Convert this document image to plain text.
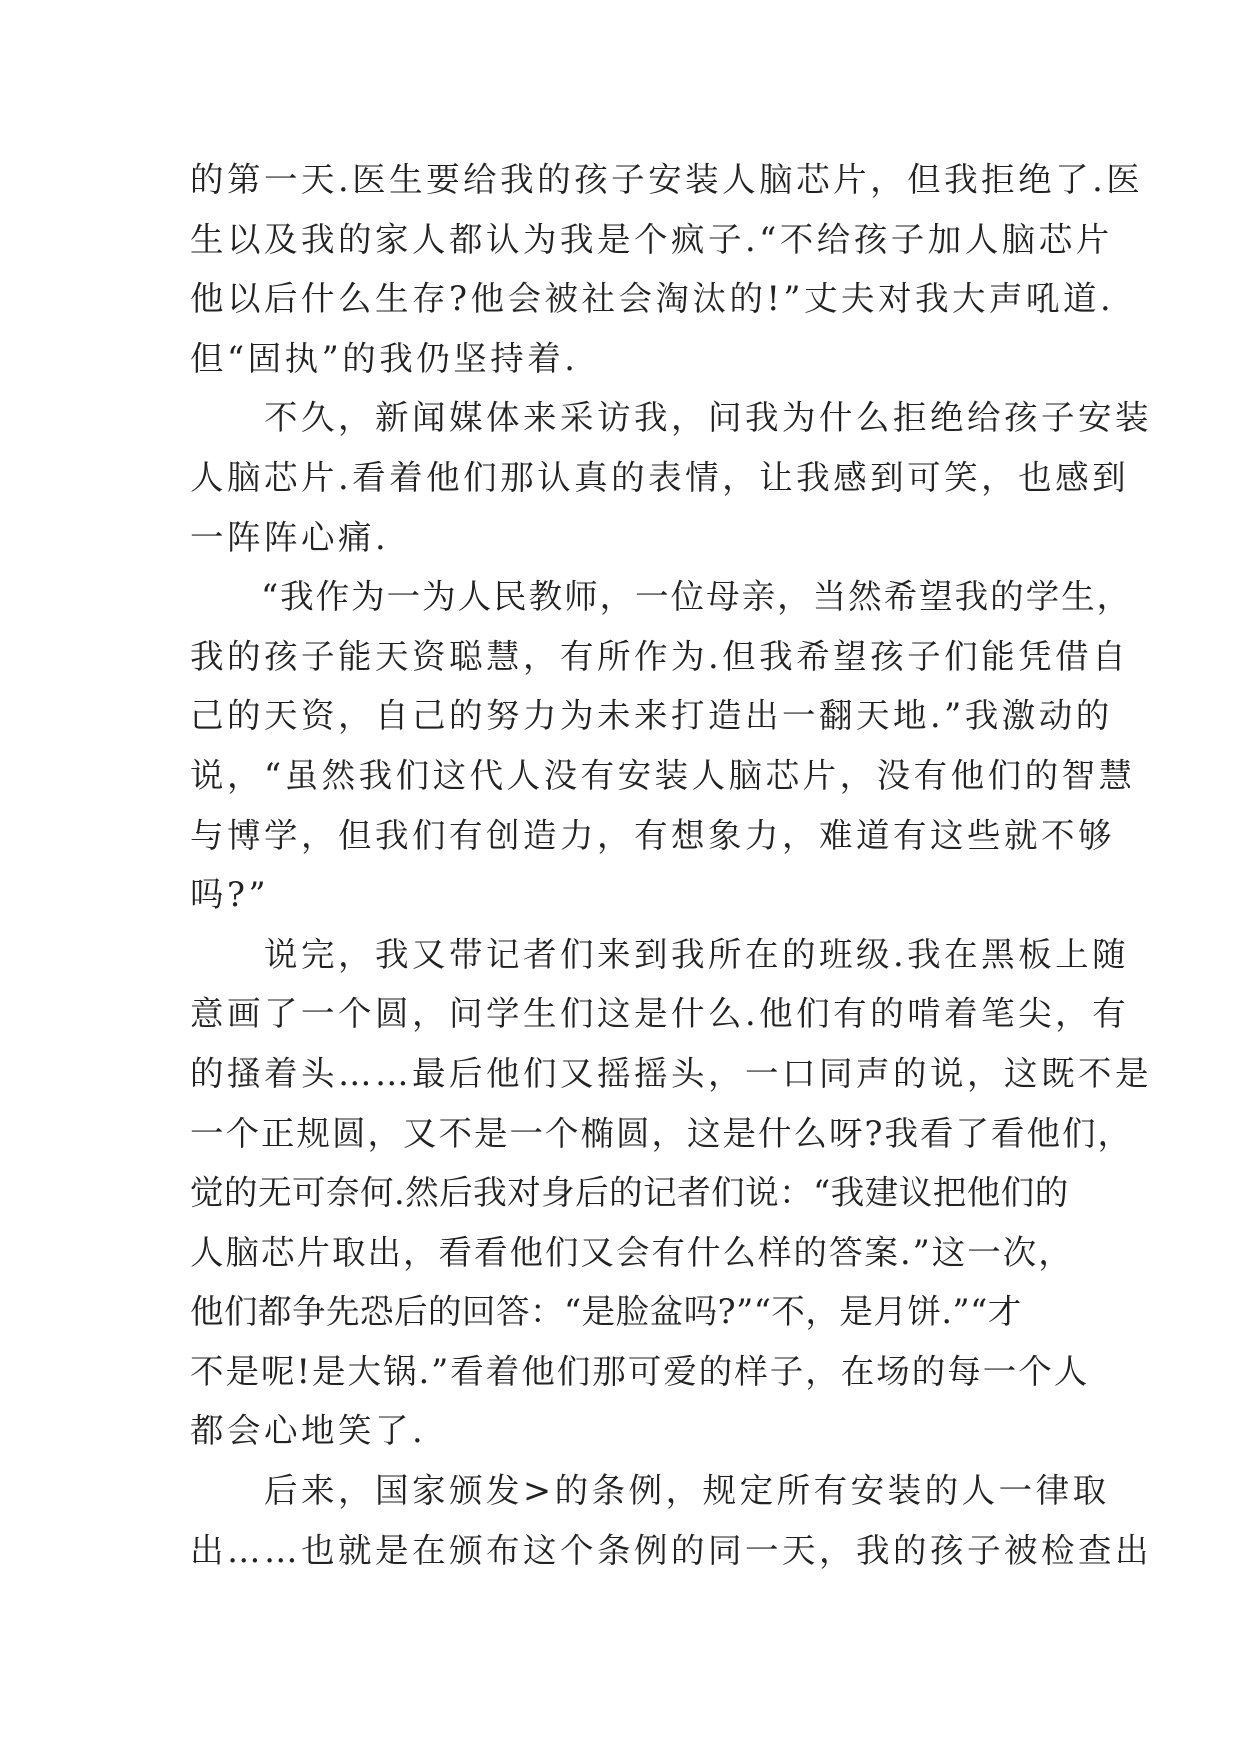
的第一天.医生要给我的孩子安装人脑芯片，但我拒绝了.医
生以及我的家人都认为我是个疯子.“不给孩子加人脑芯片
他以后什么生存?他会被社会淘汰的!”丈夫对我大声吼道.
但“固执”的我仍坚持着.
　　不久，新闻媒体来采访我，问我为什么拒绝给孩子安装
人脑芯片.看着他们那认真的表情，让我感到可笑，也感到
一阵阵心痛.
　　“我作为一为人民教师，一位母亲，当然希望我的学生，
我的孩子能天资聪慧，有所作为.但我希望孩子们能凭借自
己的天资，自己的努力为未来打造出一翻天地.”我激动的
说，“虽然我们这代人没有安装人脑芯片，没有他们的智慧
与博学，但我们有创造力，有想象力，难道有这些就不够
吗?”
　　说完，我又带记者们来到我所在的班级.我在黑板上随
意画了一个圆，问学生们这是什么.他们有的啃着笔尖，有
的搔着头……最后他们又摇摇头，一口同声的说，这既不是
一个正规圆，又不是一个椭圆，这是什么呀?我看了看他们，
觉的无可奈何.然后我对身后的记者们说：“我建议把他们的
人脑芯片取出，看看他们又会有什么样的答案.”这一次，
他们都争先恐后的回答：“是脸盆吗?”“不，是月饼.”“才
不是呢!是大锅.”看着他们那可爱的样子，在场的每一个人
都会心地笑了.
　　后来，国家颁发>的条例，规定所有安装的人一律取
出……也就是在颁布这个条例的同一天，我的孩子被检查出
